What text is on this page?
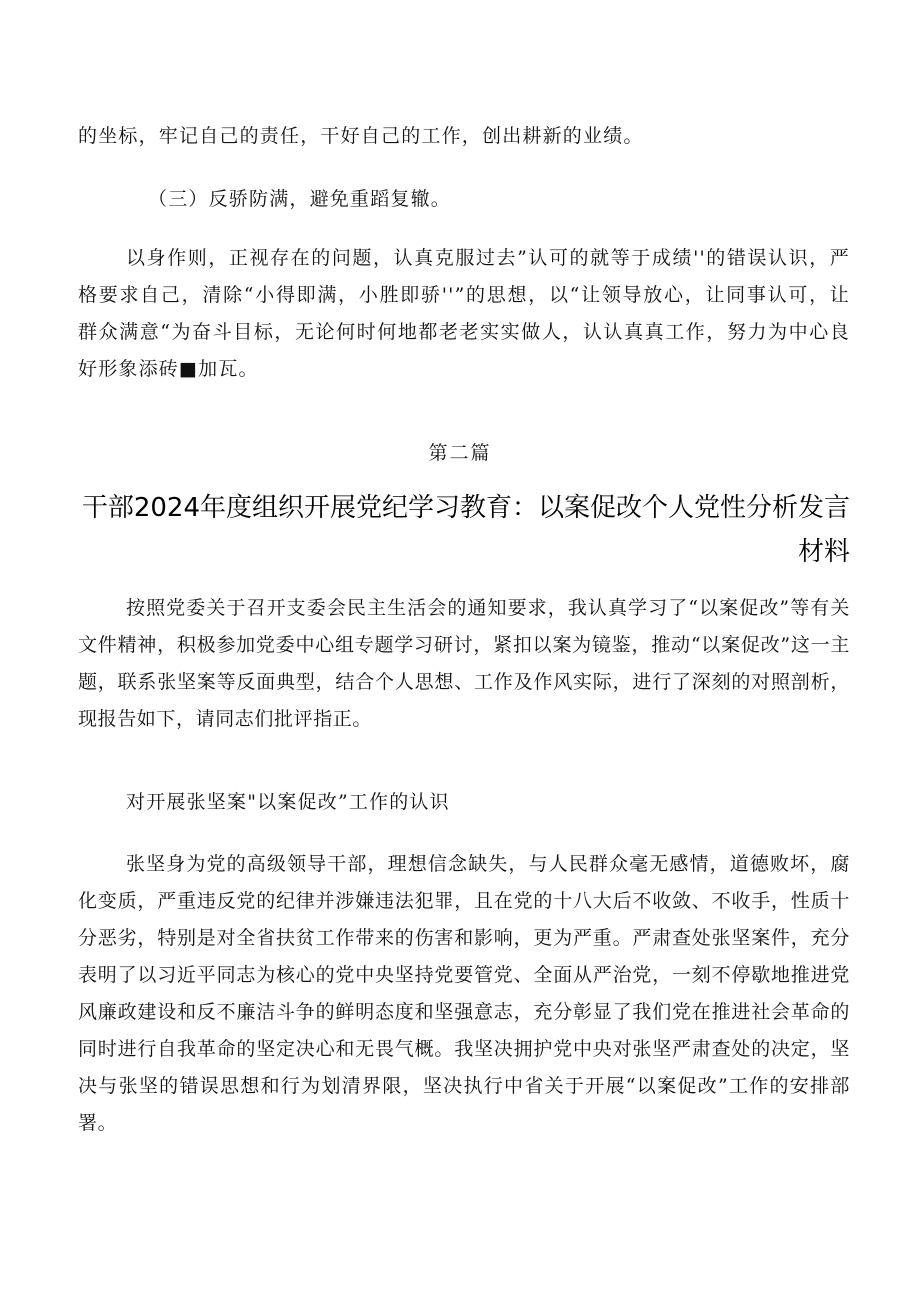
的坐标，牢记自己的责任，干好自己的工作，创出耕新的业绩。

（三）反骄防满，避免重蹈复辙。

以身作则，正视存在的问题，认真克服过去”认可的就等于成绩''的错误认识，严格要求自己，清除“小得即满，小胜即骄''”的思想，以“让领导放心，让同事认可，让群众满意“为奋斗目标，无论何时何地都老老实实做人，认认真真工作，努力为中心良好形象添砖■加瓦。

第二篇
干部2024年度组织开展党纪学习教育：以案促改个人党性分析发言材料

按照党委关于召开支委会民主生活会的通知要求，我认真学习了“以案促改”等有关文件精神，积极参加党委中心组专题学习研讨，紧扣以案为镜鉴，推动“以案促改”这一主题，联系张坚案等反面典型，结合个人思想、工作及作风实际，进行了深刻的对照剖析，现报告如下，请同志们批评指正。

对开展张坚案"以案促改”工作的认识

张坚身为党的高级领导干部，理想信念缺失，与人民群众毫无感情，道德败坏，腐化变质，严重违反党的纪律并涉嫌违法犯罪，且在党的十八大后不收敛、不收手，性质十分恶劣，特别是对全省扶贫工作带来的伤害和影响，更为严重。严肃查处张坚案件，充分表明了以习近平同志为核心的党中央坚持党要管党、全面从严治党，一刻不停歇地推进党风廉政建设和反不廉洁斗争的鲜明态度和坚强意志，充分彰显了我们党在推进社会革命的同时进行自我革命的坚定决心和无畏气概。我坚决拥护党中央对张坚严肃查处的决定，坚决与张坚的错误思想和行为划清界限，坚决执行中省关于开展“以案促改”工作的安排部署。
